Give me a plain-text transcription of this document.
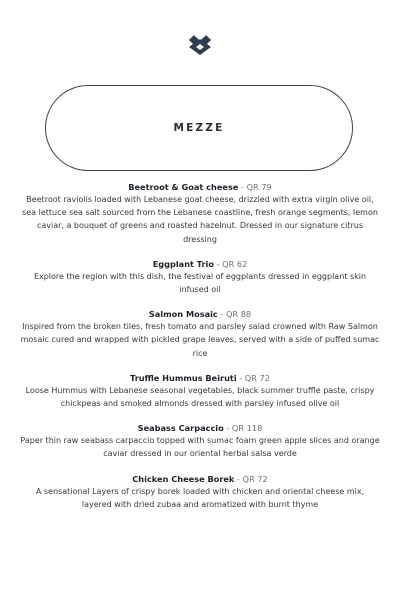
MEZZE
Beetroot & Goat cheese - QR 79
Beetroot raviolis loaded with Lebanese goat cheese, drizzled with extra virgin olive oil, sea lettuce sea salt sourced from the Lebanese coastline, fresh orange segments, lemon caviar, a bouquet of greens and roasted hazelnut. Dressed in our signature citrus dressing
Eggplant Trio - QR 62
Explore the region with this dish, the festival of eggplants dressed in eggplant skin infused oil
Salmon Mosaic - QR 88
Inspired from the broken tiles, fresh tomato and parsley salad crowned with Raw Salmon mosaic cured and wrapped with pickled grape leaves, served with a side of puffed sumac rice
Truffle Hummus Beiruti - QR 72
Loose Hummus with Lebanese seasonal vegetables, black summer truffle paste, crispy chickpeas and smoked almonds dressed with parsley infused olive oil
Seabass Carpaccio - QR 118
Paper thin raw seabass carpaccio topped with sumac foam green apple slices and orange caviar dressed in our oriental herbal salsa verde
Chicken Cheese Borek - QR 72
A sensational Layers of crispy borek loaded with chicken and oriental cheese mix, layered with dried zubaa and aromatized with burnt thyme
